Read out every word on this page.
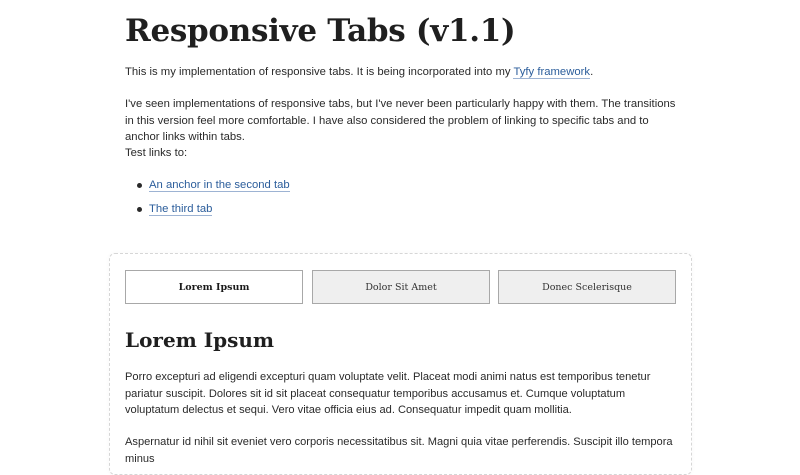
Responsive Tabs (v1.1)

This is my implementation of responsive tabs. It is being incorporated into my Tyfy framework.

I've seen implementations of responsive tabs, but I've never been particularly happy with them. The transitions in this version feel more comfortable. I have also considered the problem of linking to specific tabs and to anchor links within tabs.

Test links to:

An anchor in the second tab
The third tab
Lorem Ipsum	Dolor Sit Amet	Donec Scelerisque
Lorem Ipsum

Porro excepturi ad eligendi excepturi quam voluptate velit. Placeat modi animi natus est temporibus tenetur pariatur suscipit. Dolores sit id sit placeat consequatur temporibus accusamus et. Cumque voluptatum voluptatum delectus et sequi. Vero vitae officia eius ad. Consequatur impedit quam mollitia.

Aspernatur id nihil sit eveniet vero corporis necessitatibus sit. Magni quia vitae perferendis. Suscipit illo tempora minus
